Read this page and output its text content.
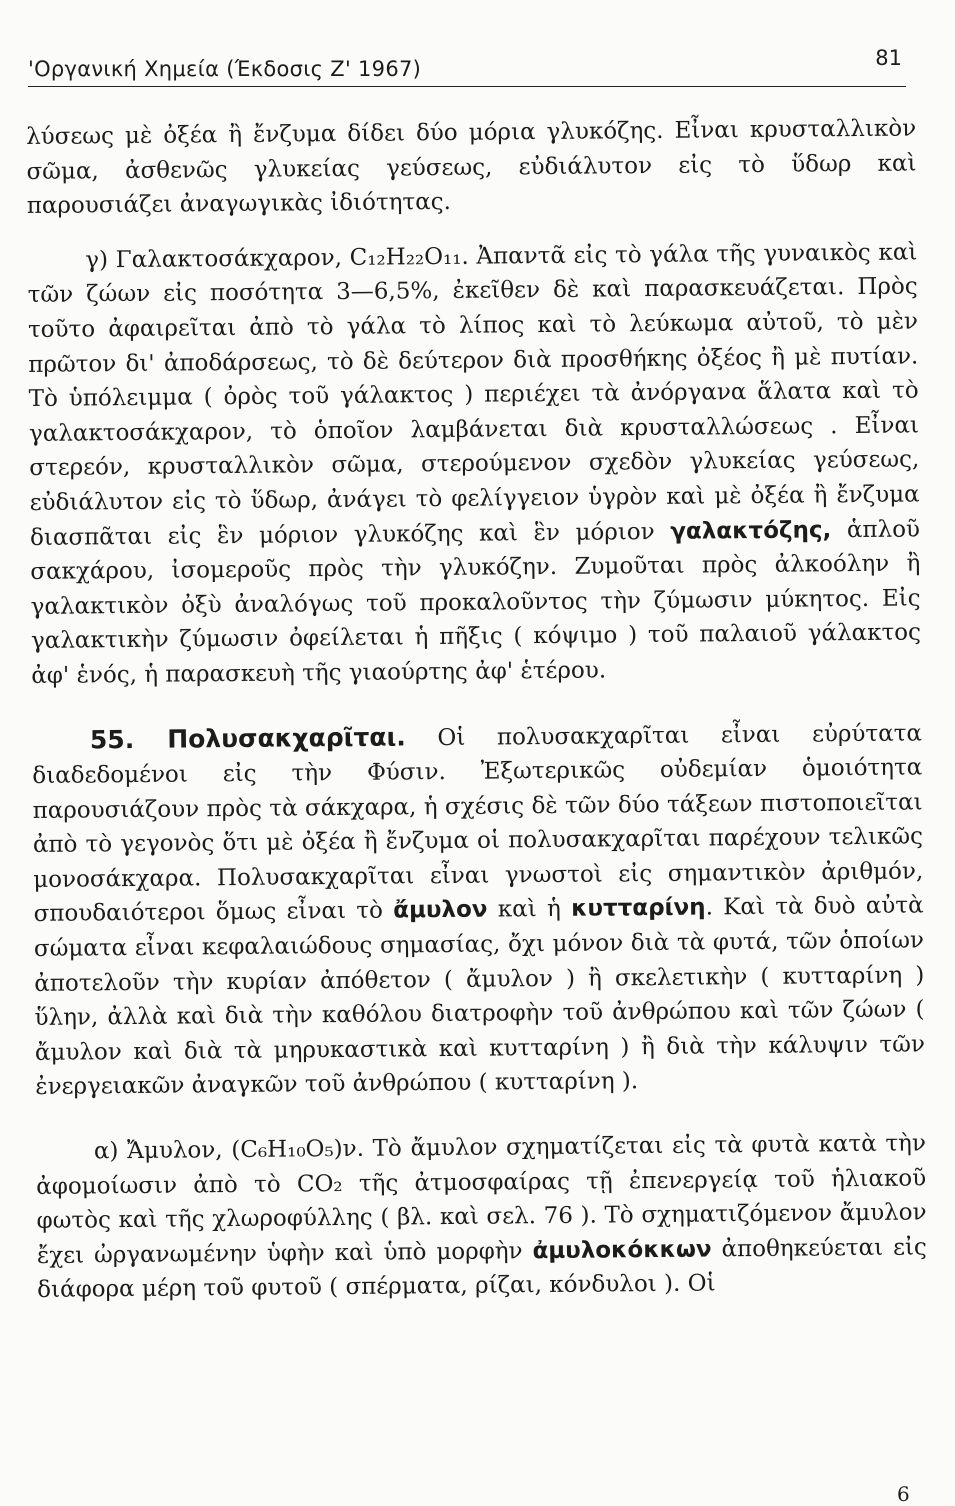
'Οργανική Χημεία (Έκδοσις Ζ' 1967)	81

λύσεως μὲ ὀξέα ἢ ἔνζυμα δίδει δύο μόρια γλυκόζης. Εἶναι κρυσταλλικὸν σῶμα, ἀσθενῶς γλυκείας γεύσεως, εὐδιάλυτον εἰς τὸ ὕδωρ καὶ παρουσιάζει ἀναγωγικὰς ἰδιότητας.

γ) Γαλακτοσάκχαρον, C₁₂H₂₂O₁₁. Ἀπαντᾶ εἰς τὸ γάλα τῆς γυναικὸς καὶ τῶν ζώων εἰς ποσότητα 3—6,5%, ἐκεῖθεν δὲ καὶ παρασκευάζεται. Πρὸς τοῦτο ἀφαιρεῖται ἀπὸ τὸ γάλα τὸ λίπος καὶ τὸ λεύκωμα αὐτοῦ, τὸ μὲν πρῶτον δι' ἀποδάρσεως, τὸ δὲ δεύτερον διὰ προσθήκης ὀξέος ἢ μὲ πυτίαν. Τὸ ὑπόλειμμα ( ὀρὸς τοῦ γάλακτος ) περιέχει τὰ ἀνόργανα ἅλατα καὶ τὸ γαλακτοσάκχαρον, τὸ ὁποῖον λαμβάνεται διὰ κρυσταλλώσεως . Εἶναι στερεόν, κρυσταλλικὸν σῶμα, στερούμενον σχεδὸν γλυκείας γεύσεως, εὐδιάλυτον εἰς τὸ ὕδωρ, ἀνάγει τὸ φελίγγειον ὑγρὸν καὶ μὲ ὀξέα ἢ ἔνζυμα διασπᾶται εἰς ἓν μόριον γλυκόζης καὶ ἓν μόριον γαλακτόζης, ἁπλοῦ σακχάρου, ἰσομεροῦς πρὸς τὴν γλυκόζην. Ζυμοῦται πρὸς ἀλκοόλην ἢ γαλακτικὸν ὀξὺ ἀναλόγως τοῦ προκαλοῦντος τὴν ζύμωσιν μύκητος. Εἰς γαλακτικὴν ζύμωσιν ὀφείλεται ἡ πῆξις ( κόψιμο ) τοῦ παλαιοῦ γάλακτος ἀφ' ἑνός, ἡ παρασκευὴ τῆς γιαούρτης ἀφ' ἑτέρου.

55. Πολυσακχαρῖται. Οἱ πολυσακχαρῖται εἶναι εὐρύτατα διαδεδομένοι εἰς τὴν Φύσιν. Ἐξωτερικῶς οὐδεμίαν ὁμοιότητα παρουσιάζουν πρὸς τὰ σάκχαρα, ἡ σχέσις δὲ τῶν δύο τάξεων πιστοποιεῖται ἀπὸ τὸ γεγονὸς ὅτι μὲ ὀξέα ἢ ἔνζυμα οἱ πολυσακχαρῖται παρέχουν τελικῶς μονοσάκχαρα. Πολυσακχαρῖται εἶναι γνωστοὶ εἰς σημαντικὸν ἀριθμόν, σπουδαιότεροι ὅμως εἶναι τὸ ἄμυλον καὶ ἡ κυτταρίνη. Καὶ τὰ δυὸ αὐτὰ σώματα εἶναι κεφαλαιώδους σημασίας, ὄχι μόνον διὰ τὰ φυτά, τῶν ὁποίων ἀποτελοῦν τὴν κυρίαν ἀπόθετον ( ἄμυλον ) ἢ σκελετικὴν ( κυτταρίνη ) ὕλην, ἀλλὰ καὶ διὰ τὴν καθόλου διατροφὴν τοῦ ἀνθρώπου καὶ τῶν ζώων ( ἄμυλον καὶ διὰ τὰ μηρυκαστικὰ καὶ κυτταρίνη ) ἢ διὰ τὴν κάλυψιν τῶν ἐνεργειακῶν ἀναγκῶν τοῦ ἀνθρώπου ( κυτταρίνη ).

α) Ἄμυλον, (C₆H₁₀O₅)ν. Τὸ ἄμυλον σχηματίζεται εἰς τὰ φυτὰ κατὰ τὴν ἀφομοίωσιν ἀπὸ τὸ CO₂ τῆς ἀτμοσφαίρας τῇ ἐπενεργείᾳ τοῦ ἡλιακοῦ φωτὸς καὶ τῆς χλωροφύλλης ( βλ. καὶ σελ. 76 ). Τὸ σχηματιζόμενον ἄμυλον ἔχει ὠργανωμένην ὑφὴν καὶ ὑπὸ μορφὴν ἀμυλοκόκκων ἀποθηκεύεται εἰς διάφορα μέρη τοῦ φυτοῦ ( σπέρματα, ρίζαι, κόνδυλοι ). Οἱ

6
